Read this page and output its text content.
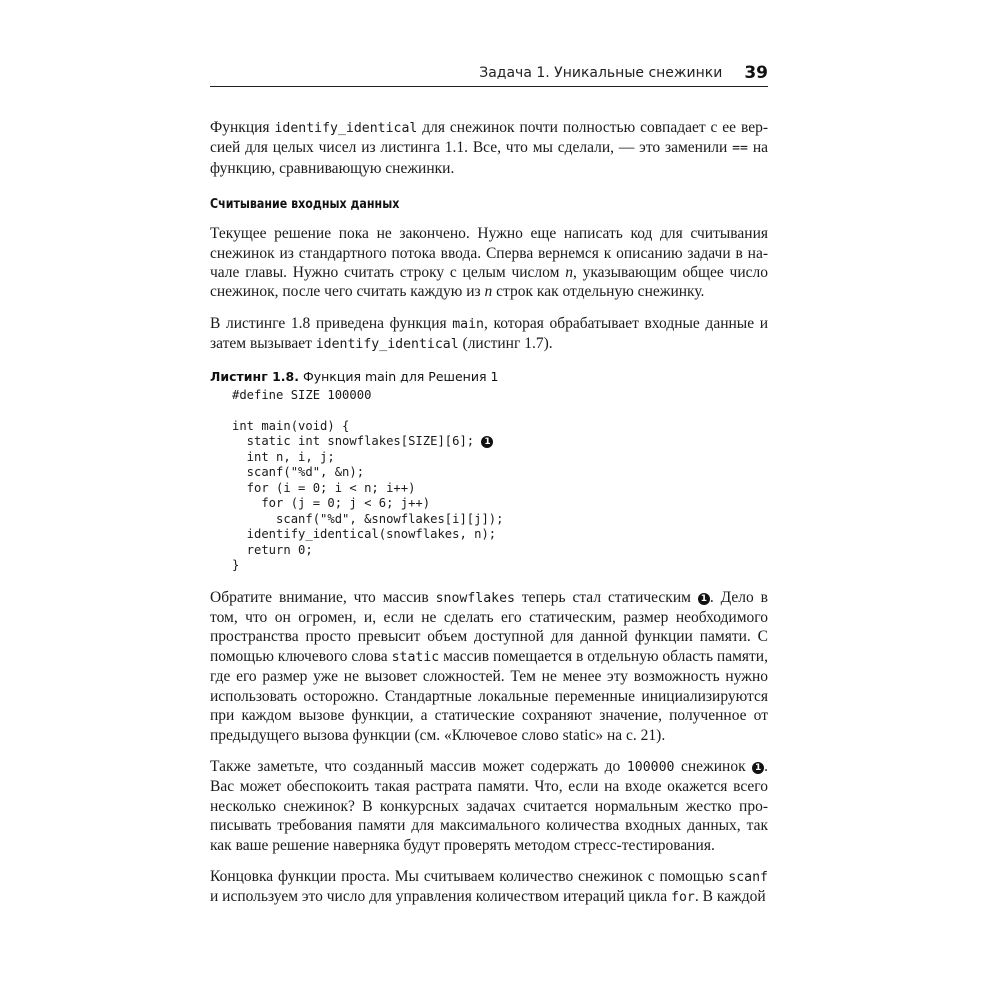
Задача 1. Уникальные снежинки 39

Функция identify_identical для снежинок почти полностью совпадает с ее версией для целых чисел из листинга 1.1. Все, что мы сделали, — это заменили == на функцию, сравнивающую снежинки.

Считывание входных данных

Текущее решение пока не закончено. Нужно еще написать код для считывания снежинок из стандартного потока ввода. Сперва вернемся к описанию задачи в начале главы. Нужно считать строку с целым числом n, указывающим общее число снежинок, после чего считать каждую из n строк как отдельную снежинку.

В листинге 1.8 приведена функция main, которая обрабатывает входные данные и затем вызывает identify_identical (листинг 1.7).

Листинг 1.8. Функция main для Решения 1
#define SIZE 100000

int main(void) {
static int snowflakes[SIZE][6]; 1
int n, i, j;
scanf("%d", &n);
for (i = 0; i < n; i++)
for (j = 0; j < 6; j++)
scanf("%d", &snowflakes[i][j]);
identify_identical(snowflakes, n);
return 0;
}

Обратите внимание, что массив snowflakes теперь стал статическим 1 . Дело в том, что он огромен, и, если не сделать его статическим, размер необходимого пространства просто превысит объем доступной для данной функции памяти. С помощью ключевого слова static массив помещается в отдельную область памяти, где его размер уже не вызовет сложностей. Тем не менее эту возможность нужно использовать осторожно. Стандартные локальные переменные инициализируются при каждом вызове функции, а статические сохраняют значение, полученное от предыдущего вызова функции (см. «Ключевое слово static» на с. 21).

Также заметьте, что созданный массив может содержать до 100000 снежинок 1 . Вас может обеспокоить такая растрата памяти. Что, если на входе окажется всего несколько снежинок? В конкурсных задачах считается нормальным жестко прописывать требования памяти для максимального количества входных данных, так как ваше решение наверняка будут проверять методом стресс-тестирования.

Концовка функции проста. Мы считываем количество снежинок с помощью scanf и используем это число для управления количеством итераций цикла for. В каждой
